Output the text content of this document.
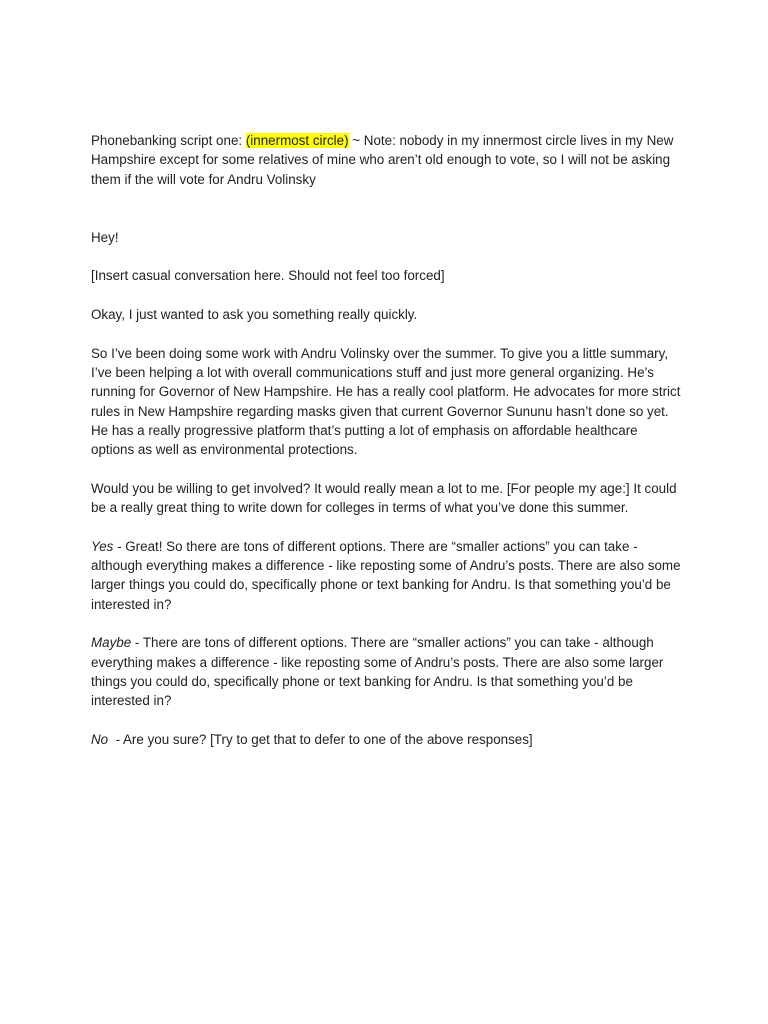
Phonebanking script one: (innermost circle) ~ Note: nobody in my innermost circle lives in my New Hampshire except for some relatives of mine who aren’t old enough to vote, so I will not be asking them if the will vote for Andru Volinsky

Hey!

[Insert casual conversation here. Should not feel too forced]

Okay, I just wanted to ask you something really quickly.

So I’ve been doing some work with Andru Volinsky over the summer. To give you a little summary, I’ve been helping a lot with overall communications stuff and just more general organizing. He’s running for Governor of New Hampshire. He has a really cool platform. He advocates for more strict rules in New Hampshire regarding masks given that current Governor Sununu hasn’t done so yet. He has a really progressive platform that’s putting a lot of emphasis on affordable healthcare options as well as environmental protections.

Would you be willing to get involved? It would really mean a lot to me. [For people my age:] It could be a really great thing to write down for colleges in terms of what you’ve done this summer.

Yes - Great! So there are tons of different options. There are “smaller actions” you can take - although everything makes a difference - like reposting some of Andru’s posts. There are also some larger things you could do, specifically phone or text banking for Andru. Is that something you’d be interested in?

Maybe - There are tons of different options. There are “smaller actions” you can take - although everything makes a difference - like reposting some of Andru’s posts. There are also some larger things you could do, specifically phone or text banking for Andru. Is that something you’d be interested in?

No  - Are you sure? [Try to get that to defer to one of the above responses]
